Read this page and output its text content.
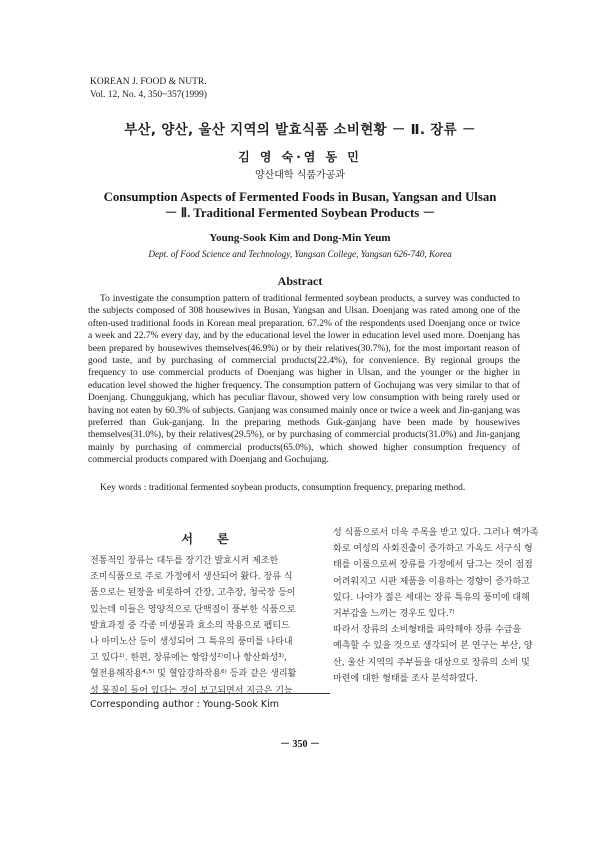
KOREAN J. FOOD & NUTR.
Vol. 12, No. 4, 350~357(1999)
부산, 양산, 울산 지역의 발효식품 소비현황 － Ⅱ. 장류 －
김 영 숙·염 동 민
양산대학 식품가공과
Consumption Aspects of Fermented Foods in Busan, Yangsan and Ulsan
－ Ⅱ. Traditional Fermented Soybean Products －
Young-Sook Kim and Dong-Min Yeum
Dept. of Food Science and Technology, Yangsan College, Yangsan 626-740, Korea
Abstract

To investigate the consumption pattern of traditional fermented soybean products, a survey was conducted to the subjects composed of 308 housewives in Busan, Yangsan and Ulsan. Doenjang was rated among one of the often-used traditional foods in Korean meal preparation. 67.2% of the respondents used Doenjang once or twice a week and 22.7% every day, and by the educational level the lower in education level used more. Doenjang has been prepared by housewives themselves(46.9%) or by their relatives(30.7%), for the most important reason of good taste, and by purchasing of commercial products(22.4%), for convenience. By regional groups the frequency to use commercial products of Doenjang was higher in Ulsan, and the younger or the higher in education level showed the higher frequency. The consumption pattern of Gochujang was very similar to that of Doenjang. Chunggukjang, which has peculiar flavour, showed very low consumption with being rarely used or having not eaten by 60.3% of subjects. Ganjang was consumed mainly once or twice a week and Jin-ganjang was preferred than Guk-ganjang. In the preparing methods Guk-ganjang have been made by housewives themselves(31.0%), by their relatives(29.5%), or by purchasing of commercial products(31.0%) and Jin-ganjang mainly by purchasing of commercial products(65.0%), which showed higher consumption frequency of commercial products compared with Doenjang and Gochujang.

Key words : traditional fermented soybean products, consumption frequency, preparing method.
서 론
전통적인 장류는 대두를 장기간 발효시켜 제조한
조미식품으로 주로 가정에서 생산되어 왔다. 장류 식
품으로는 된장을 비롯하여 간장, 고추장, 청국장 등이
있는데 이들은 영양적으로 단백질이 풍부한 식품으로
발효과정 중 각종 미생물과 효소의 작용으로 펩티드
나 아미노산 등이 생성되어 그 특유의 풍미를 나타내
고 있다¹⁾. 한편, 장류에는 항암성²⁾이나 항산화성³⁾,
혈전용해작용⁴·⁵⁾ 및 혈압강하작용⁶⁾ 등과 같은 생리활
성 물질이 들어 있다는 것이 보고되면서 지금은 기능
성 식품으로서 더욱 주목을 받고 있다. 그러나 핵가족
화로 여성의 사회진출이 증가하고 가옥도 서구식 형
태를 이룸으로써 장류를 가정에서 담그는 것이 점점
어려워지고 시판 제품을 이용하는 경향이 증가하고
있다. 나아가 젊은 세대는 장류 특유의 풍미에 대해
거부감을 느끼는 경우도 있다.⁷⁾
따라서 장류의 소비형태를 파악해야 장류 수급을
예측할 수 있을 것으로 생각되어 본 연구는 부산, 양
산, 울산 지역의 주부들을 대상으로 장류의 소비 및
마련에 대한 형태를 조사 분석하였다.
Corresponding author : Young-Sook Kim
－ 350 －
